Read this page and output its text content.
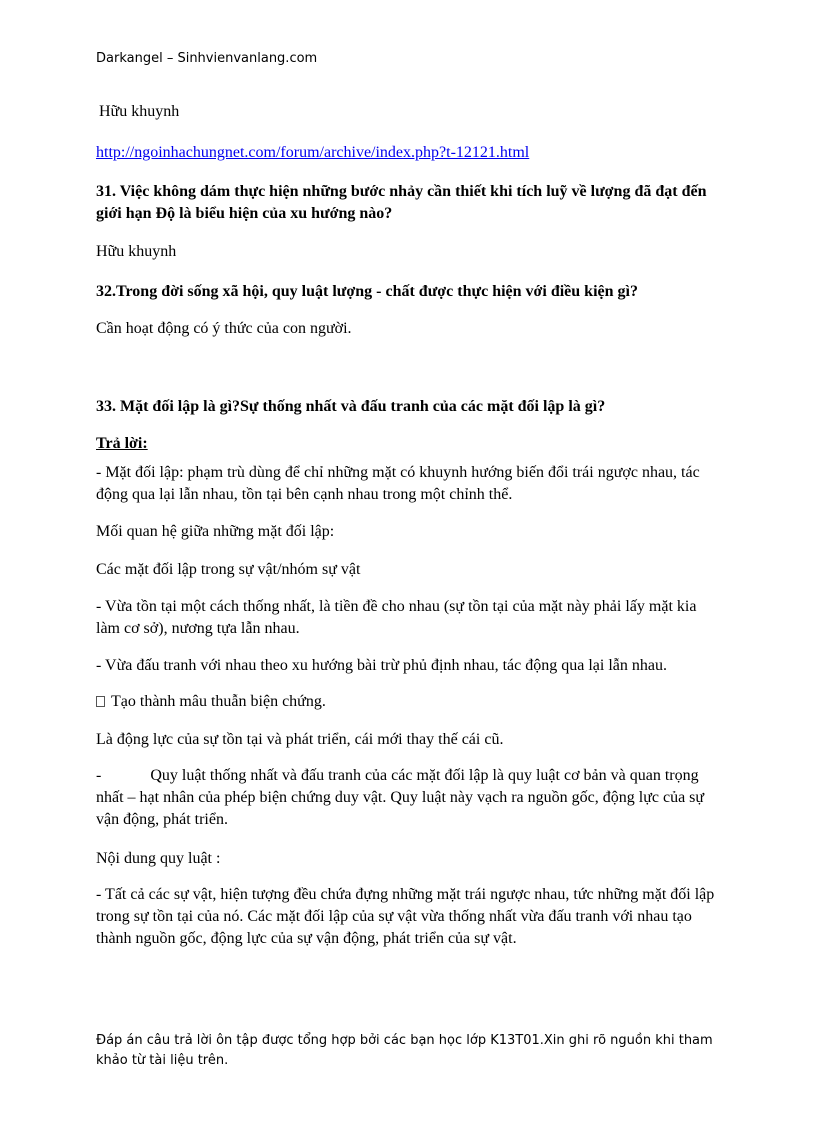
Darkangel – Sinhvienvanlang.com

Hữu khuynh

http://ngoinhachungnet.com/forum/archive/index.php?t-12121.html

31. Việc không dám thực hiện những bước nhảy cần thiết khi tích luỹ về lượng đã đạt đến giới hạn Độ là biểu hiện của xu hướng nào?

Hữu khuynh

32.Trong đời sống xã hội, quy luật lượng - chất được thực hiện với điều kiện gì?

Cần hoạt động có ý thức của con người.

33. Mặt đối lập là gì?Sự thống nhất và đấu tranh của các mặt đối lập là gì?

Trả lời:

- Mặt đối lập: phạm trù dùng để chỉ những mặt có khuynh hướng biến đổi trái ngược nhau, tác động qua lại lẫn nhau, tồn tại bên cạnh nhau trong một chỉnh thể.

Mối quan hệ giữa những mặt đối lập:

Các mặt đối lập trong sự vật/nhóm sự vật

- Vừa tồn tại một cách thống nhất, là tiền đề cho nhau (sự tồn tại của mặt này phải lấy mặt kia làm cơ sở), nương tựa lẫn nhau.

- Vừa đấu tranh với nhau theo xu hướng bài trừ phủ định nhau, tác động qua lại lẫn nhau.

Tạo thành mâu thuẫn biện chứng.

Là động lực của sự tồn tại và phát triển, cái mới thay thế cái cũ.

-	Quy luật thống nhất và đấu tranh của các mặt đối lập là quy luật cơ bản và quan trọng nhất – hạt nhân của phép biện chứng duy vật. Quy luật này vạch ra nguồn gốc, động lực của sự vận động, phát triển.

Nội dung quy luật :

- Tất cả các sự vật, hiện tượng đều chứa đựng những mặt trái ngược nhau, tức những mặt đối lập trong sự tồn tại của nó. Các mặt đối lập của sự vật vừa thống nhất vừa đấu tranh với nhau tạo thành nguồn gốc, động lực của sự vận động, phát triển của sự vật.

Đáp án câu trả lời ôn tập được tổng hợp bởi các bạn học lớp K13T01.Xin ghi rõ nguồn khi tham khảo từ tài liệu trên.
